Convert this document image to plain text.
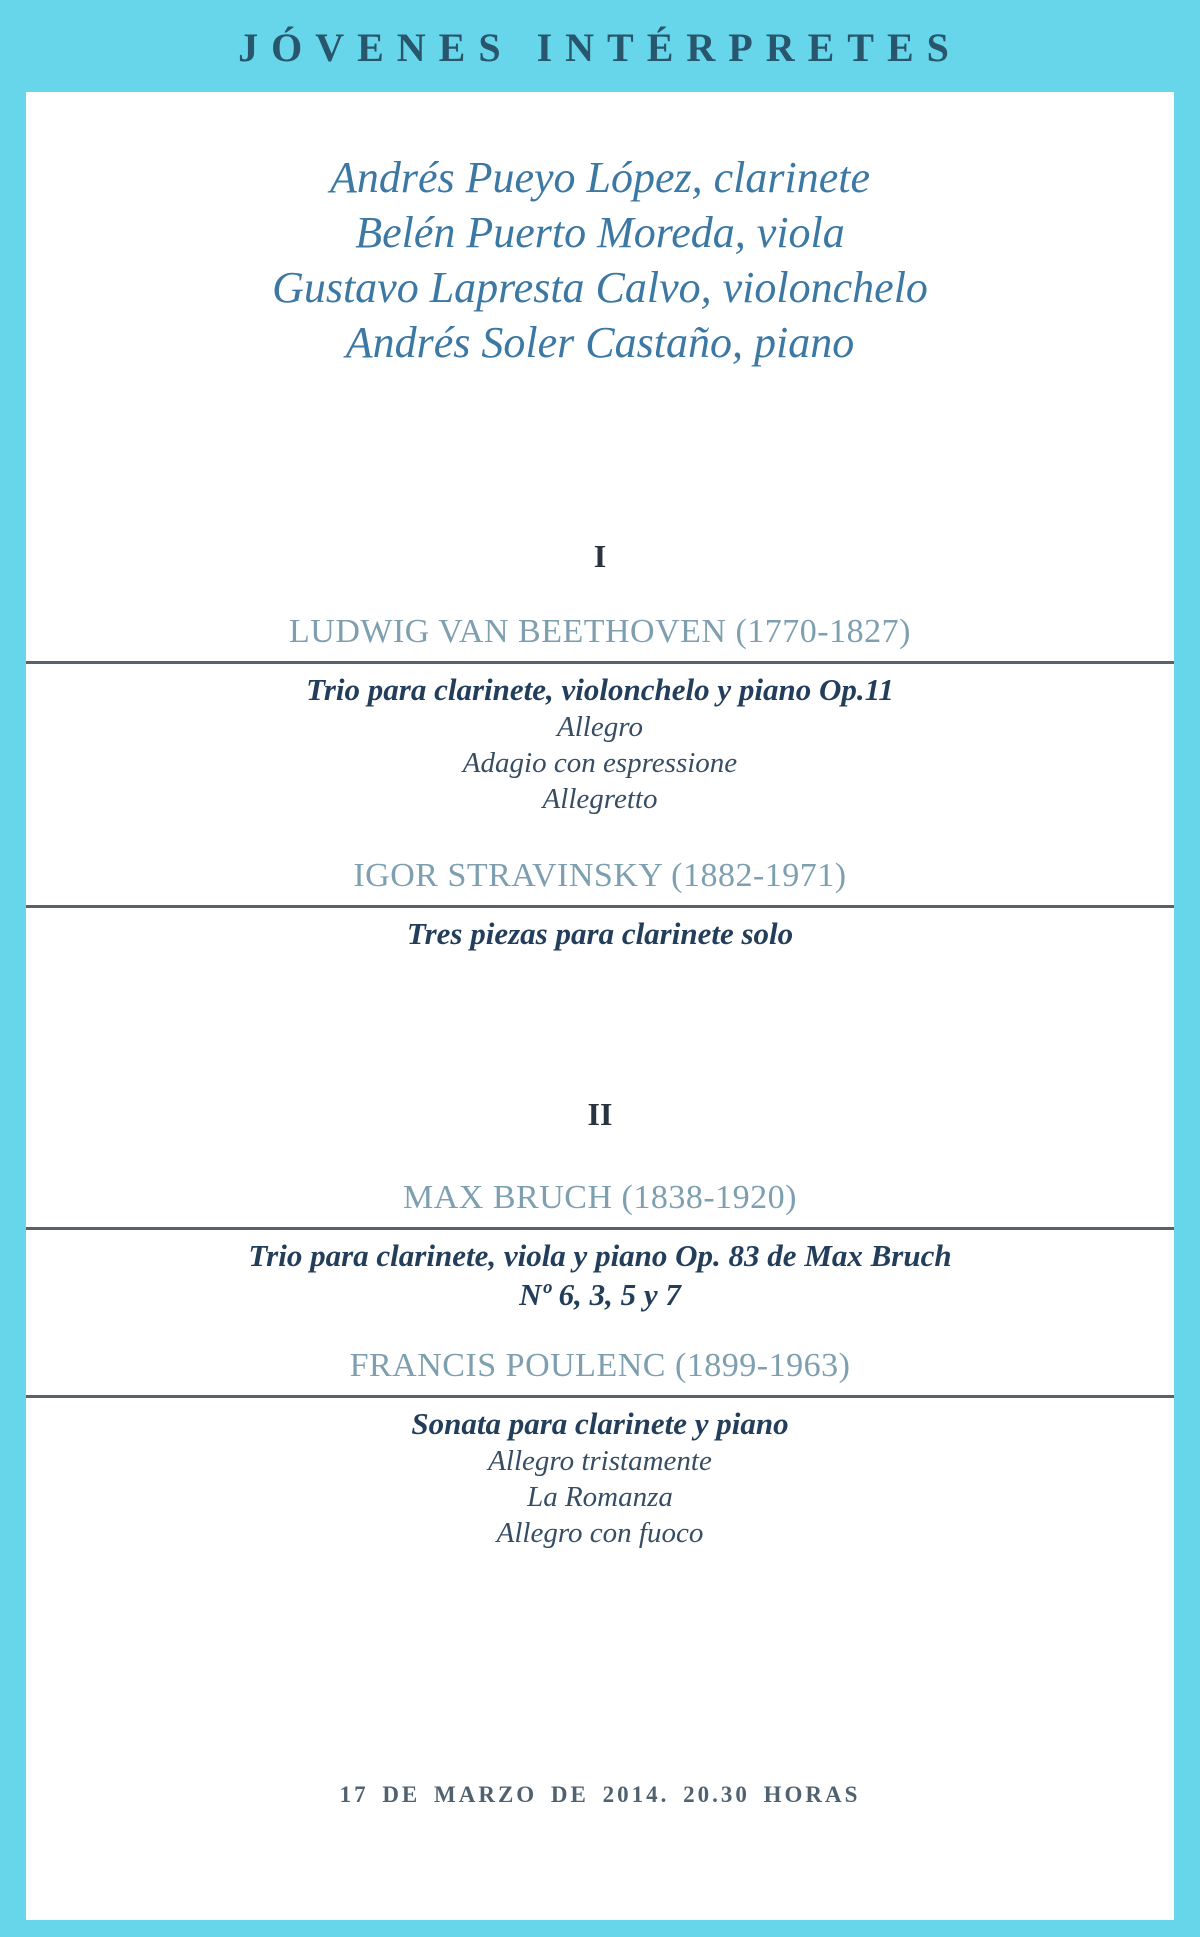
JÓVENES INTÉRPRETES
Andrés Pueyo López, clarinete
Belén Puerto Moreda, viola
Gustavo Lapresta Calvo, violonchelo
Andrés Soler Castaño, piano
I
LUDWIG VAN BEETHOVEN (1770-1827)
Trio para clarinete, violonchelo y piano Op.11
Allegro
Adagio con espressione
Allegretto
IGOR STRAVINSKY (1882-1971)
Tres piezas para clarinete solo
II
MAX BRUCH (1838-1920)
Trio para clarinete, viola y piano Op. 83 de Max Bruch
Nº 6, 3, 5 y 7
FRANCIS POULENC (1899-1963)
Sonata para clarinete y piano
Allegro tristamente
La Romanza
Allegro con fuoco
17 DE MARZO DE 2014. 20.30 HORAS
